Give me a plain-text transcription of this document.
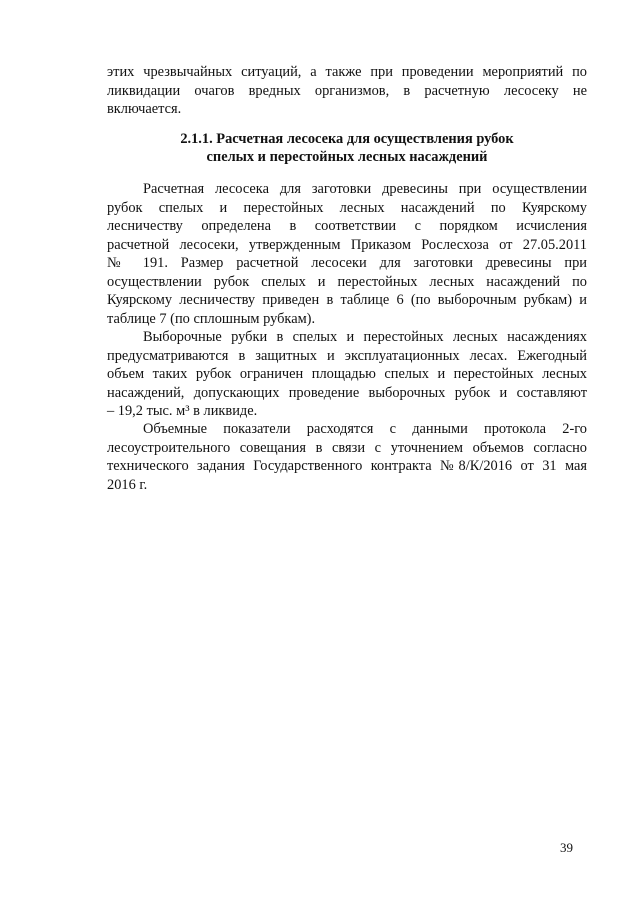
этих чрезвычайных ситуаций, а также при проведении мероприятий по
ликвидации очагов вредных организмов, в расчетную лесосеку не
включается.
2.1.1. Расчетная лесосека для осуществления рубок
спелых и перестойных лесных насаждений
Расчетная лесосека для заготовки древесины при осуществлении
рубок спелых и перестойных лесных насаждений по Куярскому
лесничеству определена в соответствии с порядком исчисления
расчетной лесосеки, утвержденным Приказом Рослесхоза от 27.05.2011
№ 191. Размер расчетной лесосеки для заготовки древесины при
осуществлении рубок спелых и перестойных лесных насаждений по
Куярскому лесничеству приведен в таблице 6 (по выборочным рубкам) и
таблице 7 (по сплошным рубкам).
Выборочные рубки в спелых и перестойных лесных насаждениях
предусматриваются в защитных и эксплуатационных лесах. Ежегодный
объем таких рубок ограничен площадью спелых и перестойных лесных
насаждений, допускающих проведение выборочных рубок и составляют
– 19,2 тыс. м³ в ликвиде.
Объемные показатели расходятся с данными протокола 2-го
лесоустроительного совещания в связи с уточнением объемов согласно
технического задания Государственного контракта №8/К/2016 от 31 мая
2016 г.
39
